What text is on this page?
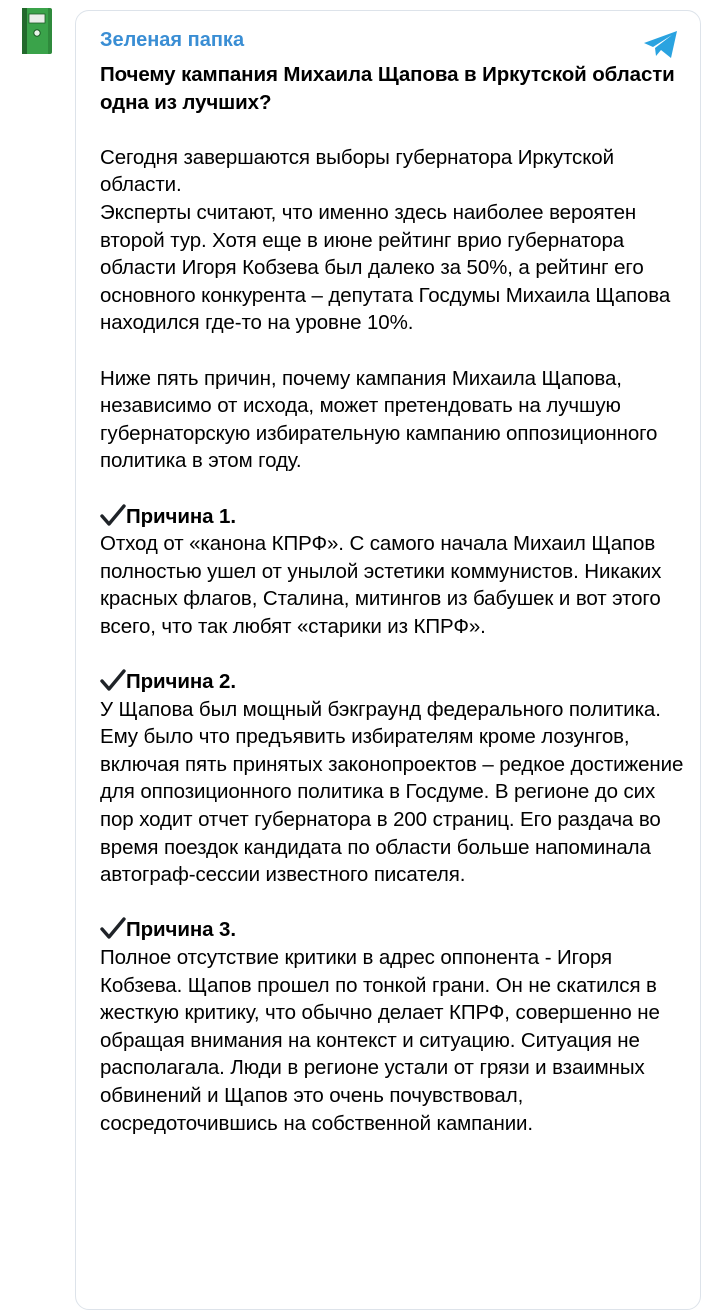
Зеленая папка

Почему кампания Михаила Щапова в Иркутской области одна из лучших?

Сегодня завершаются выборы губернатора Иркутской области.
Эксперты считают, что именно здесь наиболее вероятен второй тур. Хотя еще в июне рейтинг врио губернатора области Игоря Кобзева был далеко за 50%, а рейтинг его основного конкурента – депутата Госдумы Михаила Щапова находился где-то на уровне 10%.

Ниже пять причин, почему кампания Михаила Щапова, независимо от исхода, может претендовать на лучшую губернаторскую избирательную кампанию оппозиционного политика в этом году.

Причина 1.
Отход от «канона КПРФ». С самого начала Михаил Щапов полностью ушел от унылой эстетики коммунистов. Никаких красных флагов, Сталина, митингов из бабушек и вот этого всего, что так любят «старики из КПРФ».

Причина 2.
У Щапова был мощный бэкграунд федерального политика. Ему было что предъявить избирателям кроме лозунгов, включая пять принятых законопроектов – редкое достижение для оппозиционного политика в Госдуме. В регионе до сих пор ходит отчет губернатора в 200 страниц. Его раздача во время поездок кандидата по области больше напоминала автограф-сессии известного писателя.

Причина 3.
Полное отсутствие критики в адрес оппонента - Игоря Кобзева. Щапов прошел по тонкой грани. Он не скатился в жесткую критику, что обычно делает КПРФ, совершенно не обращая внимания на контекст и ситуацию. Ситуация не располагала. Люди в регионе устали от грязи и взаимных обвинений и Щапов это очень почувствовал, сосредоточившись на собственной кампании.
